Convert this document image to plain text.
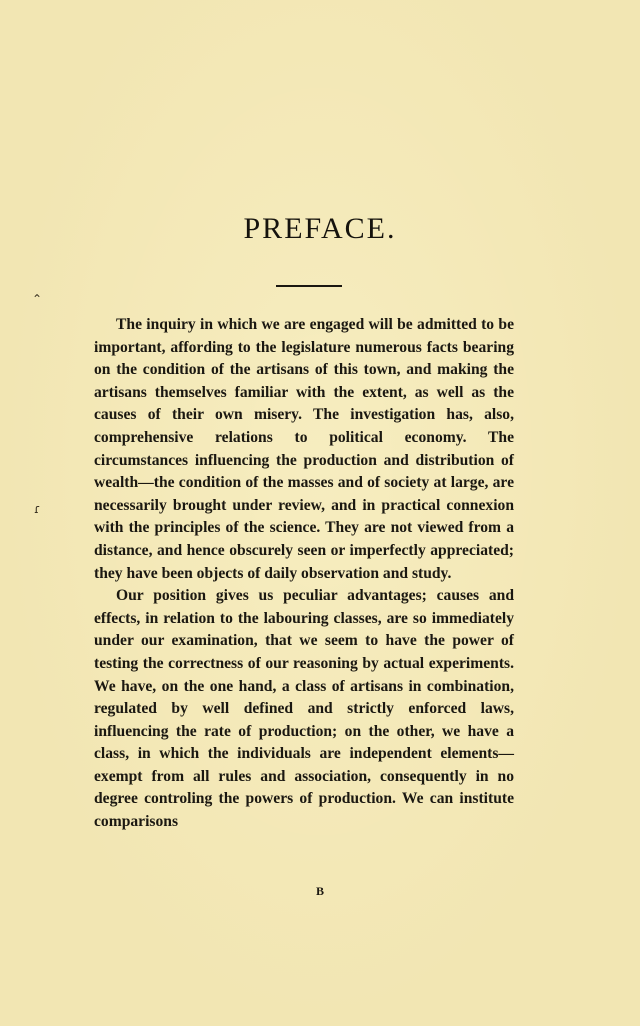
⌃
ɾ
PREFACE.

The inquiry in which we are engaged will be admitted to be important, affording to the legislature numerous facts bearing on the condition of the artisans of this town, and making the artisans themselves familiar with the extent, as well as the causes of their own misery. The investigation has, also, comprehensive relations to political economy. The circumstances influencing the production and distribution of wealth—the condition of the masses and of society at large, are necessarily brought under review, and in practical connexion with the principles of the science. They are not viewed from a distance, and hence obscurely seen or imperfectly appreciated; they have been objects of daily observation and study.

Our position gives us peculiar advantages; causes and effects, in relation to the labouring classes, are so immediately under our examination, that we seem to have the power of testing the correctness of our reasoning by actual experiments. We have, on the one hand, a class of artisans in combination, regulated by well defined and strictly enforced laws, influencing the rate of production; on the other, we have a class, in which the individuals are independent elements—exempt from all rules and association, consequently in no degree controling the powers of production. We can institute comparisons

B
